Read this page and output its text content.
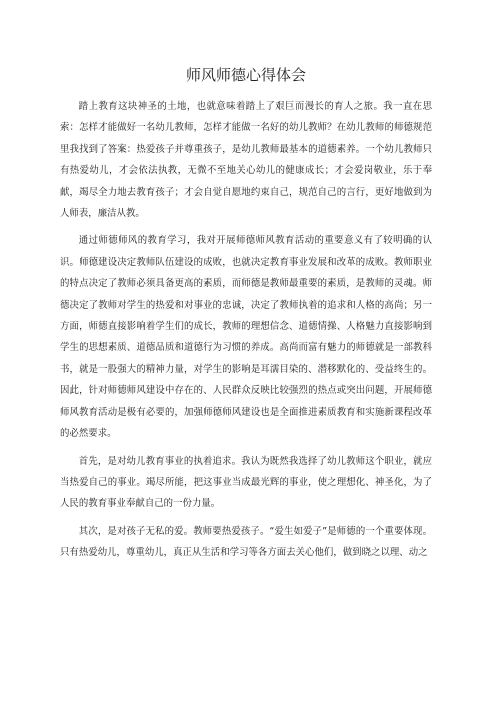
师风师德心得体会

踏上教育这块神圣的土地，也就意味着踏上了艰巨而漫长的育人之旅。我一直在思索：怎样才能做好一名幼儿教师，怎样才能做一名好的幼儿教师？在幼儿教师的师德规范里我找到了答案：热爱孩子并尊重孩子，是幼儿教师最基本的道德素养。一个幼儿教师只有热爱幼儿，才会依法执教，无微不至地关心幼儿的健康成长；才会爱岗敬业，乐于奉献，竭尽全力地去教育孩子；才会自觉自愿地约束自己，规范自己的言行，更好地做到为人师表，廉洁从教。

通过师德师风的教育学习，我对开展师德师风教育活动的重要意义有了较明确的认识。师德建设决定教师队伍建设的成败，也就决定教育事业发展和改革的成败。教师职业的特点决定了教师必须具备更高的素质，而师德是教师最重要的素质，是教师的灵魂。师德决定了教师对学生的热爱和对事业的忠诚，决定了教师执着的追求和人格的高尚；另一方面，师德直接影响着学生们的成长，教师的理想信念、道德情操、人格魅力直接影响到学生的思想素质、道德品质和道德行为习惯的养成。高尚而富有魅力的师德就是一部教科书，就是一股强大的精神力量，对学生的影响是耳濡目染的、潜移默化的、受益终生的。因此，针对师德师风建设中存在的、人民群众反映比较强烈的热点或突出问题，开展师德师风教育活动是极有必要的，加强师德师风建设也是全面推进素质教育和实施新课程改革的必然要求。

首先，是对幼儿教育事业的执着追求。我认为既然我选择了幼儿教师这个职业，就应当热爱自己的事业。竭尽所能，把这事业当成最光辉的事业，使之理想化、神圣化，为了人民的教育事业奉献自己的一份力量。

其次，是对孩子无私的爱。教师要热爱孩子。“爱生如爱子”是师德的一个重要体现。只有热爱幼儿，尊重幼儿，真正从生活和学习等各方面去关心他们，做到晓之以理、动之
